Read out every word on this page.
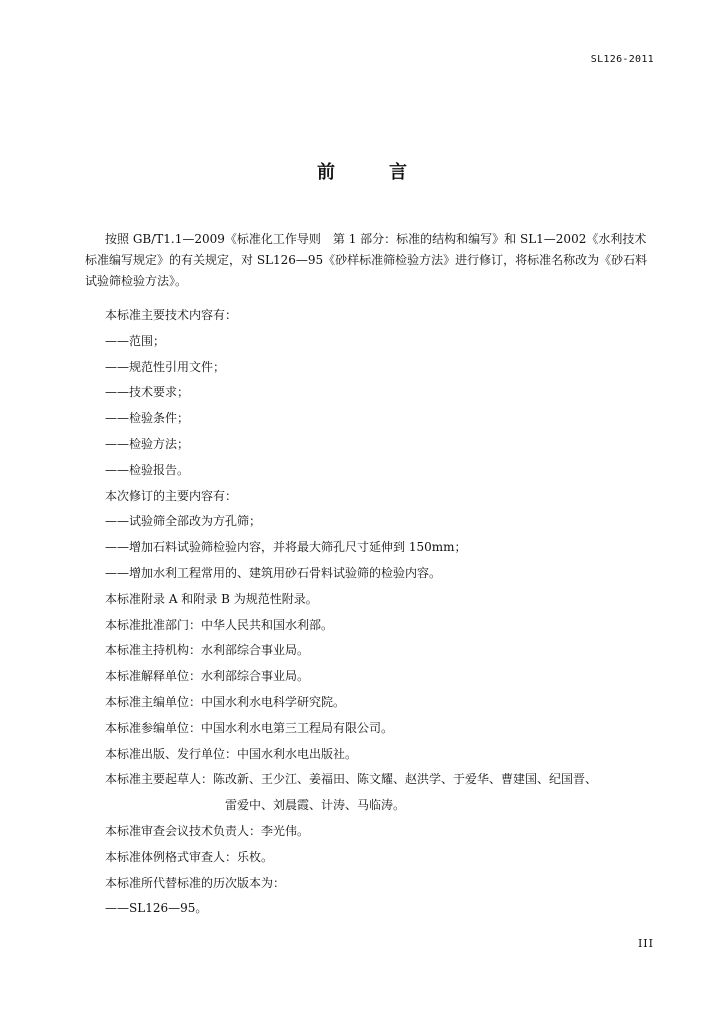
SL126-2011
前　言

按照 GB/T1.1—2009《标准化工作导则　第 1 部分：标准的结构和编写》和 SL1—2002《水利技术标准编写规定》的有关规定，对 SL126—95《砂样标准筛检验方法》进行修订，将标准名称改为《砂石料试验筛检验方法》。

本标准主要技术内容有：
——范围；
——规范性引用文件；
——技术要求；
——检验条件；
——检验方法；
——检验报告。
本次修订的主要内容有：
——试验筛全部改为方孔筛；
——增加石料试验筛检验内容，并将最大筛孔尺寸延伸到 150mm；
——增加水利工程常用的、建筑用砂石骨料试验筛的检验内容。
本标准附录 A 和附录 B 为规范性附录。
本标准批准部门：中华人民共和国水利部。
本标准主持机构：水利部综合事业局。
本标准解释单位：水利部综合事业局。
本标准主编单位：中国水利水电科学研究院。
本标准参编单位：中国水利水电第三工程局有限公司。
本标准出版、发行单位：中国水利水电出版社。
本标准主要起草人：陈改新、王少江、姜福田、陈文耀、赵洪学、于爱华、曹建国、纪国晋、
雷爱中、刘晨霞、计涛、马临涛。
本标准审查会议技术负责人：李光伟。
本标准体例格式审查人：乐枚。
本标准所代替标准的历次版本为：
——SL126—95。
III
